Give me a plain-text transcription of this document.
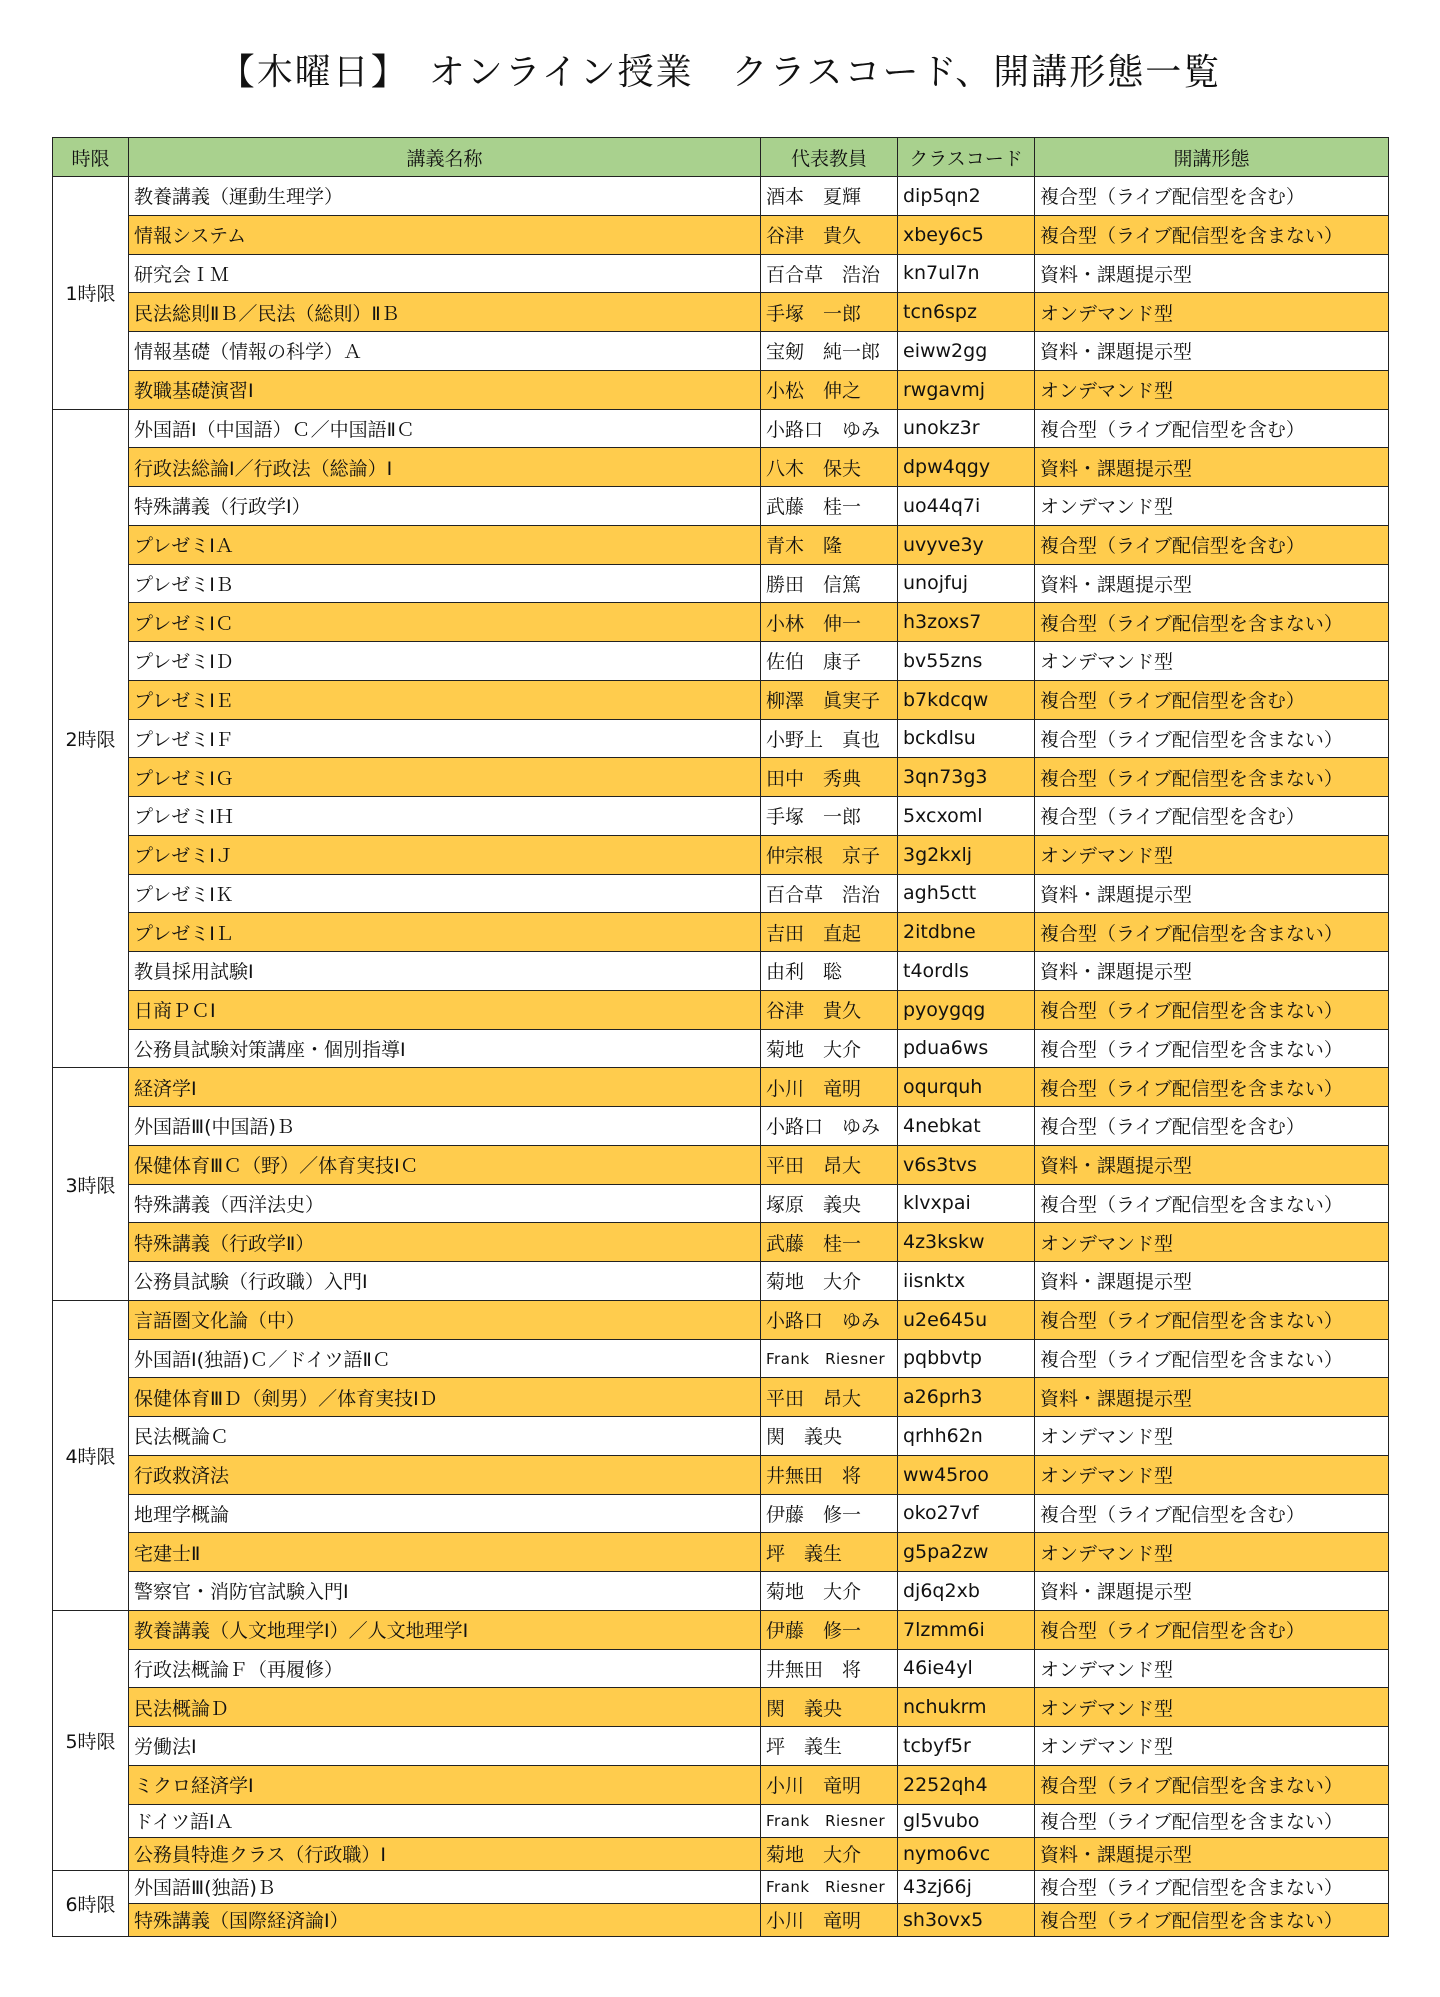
【木曜日】　オンライン授業　クラスコード、開講形態一覧
時限	講義名称	代表教員	クラスコード	開講形態
1時限	教養講義（運動生理学）	酒本　夏輝	dip5qn2	複合型（ライブ配信型を含む）
	情報システム	谷津　貴久	xbey6c5	複合型（ライブ配信型を含まない）
	研究会ＩＭ	百合草　浩治	kn7ul7n	資料・課題提示型
	民法総則ⅡＢ／民法（総則）ⅡＢ	手塚　一郎	tcn6spz	オンデマンド型
	情報基礎（情報の科学）Ａ	宝剱　純一郎	eiww2gg	資料・課題提示型
	教職基礎演習Ⅰ	小松　伸之	rwgavmj	オンデマンド型
2時限	外国語Ⅰ（中国語）Ｃ／中国語ⅡＣ	小路口　ゆみ	unokz3r	複合型（ライブ配信型を含む）
	行政法総論Ⅰ／行政法（総論）Ⅰ	八木　保夫	dpw4qgy	資料・課題提示型
	特殊講義（行政学Ⅰ）	武藤　桂一	uo44q7i	オンデマンド型
	プレゼミⅠＡ	青木　隆	uvyve3y	複合型（ライブ配信型を含む）
	プレゼミⅠＢ	勝田　信篤	unojfuj	資料・課題提示型
	プレゼミⅠＣ	小林　伸一	h3zoxs7	複合型（ライブ配信型を含まない）
	プレゼミⅠＤ	佐伯　康子	bv55zns	オンデマンド型
	プレゼミⅠＥ	柳澤　眞実子	b7kdcqw	複合型（ライブ配信型を含む）
	プレゼミⅠＦ	小野上　真也	bckdlsu	複合型（ライブ配信型を含まない）
	プレゼミⅠＧ	田中　秀典	3qn73g3	複合型（ライブ配信型を含まない）
	プレゼミⅠＨ	手塚　一郎	5xcxoml	複合型（ライブ配信型を含む）
	プレゼミⅠＪ	仲宗根　京子	3g2kxlj	オンデマンド型
	プレゼミⅠＫ	百合草　浩治	agh5ctt	資料・課題提示型
	プレゼミⅠＬ	吉田　直起	2itdbne	複合型（ライブ配信型を含まない）
	教員採用試験Ⅰ	由利　聡	t4ordls	資料・課題提示型
	日商ＰＣⅠ	谷津　貴久	pyoygqg	複合型（ライブ配信型を含まない）
	公務員試験対策講座・個別指導Ⅰ	菊地　大介	pdua6ws	複合型（ライブ配信型を含まない）
3時限	経済学Ⅰ	小川　竜明	oqurquh	複合型（ライブ配信型を含まない）
	外国語Ⅲ(中国語)Ｂ	小路口　ゆみ	4nebkat	複合型（ライブ配信型を含む）
	保健体育ⅢＣ（野）／体育実技ⅠＣ	平田　昂大	v6s3tvs	資料・課題提示型
	特殊講義（西洋法史）	塚原　義央	klvxpai	複合型（ライブ配信型を含まない）
	特殊講義（行政学Ⅱ）	武藤　桂一	4z3kskw	オンデマンド型
	公務員試験（行政職）入門Ⅰ	菊地　大介	iisnktx	資料・課題提示型
4時限	言語圏文化論（中）	小路口　ゆみ	u2e645u	複合型（ライブ配信型を含まない）
	外国語Ⅰ(独語)Ｃ／ドイツ語ⅡＣ	Frank　Riesner	pqbbvtp	複合型（ライブ配信型を含まない）
	保健体育ⅢＤ（剣男）／体育実技ⅠＤ	平田　昂大	a26prh3	資料・課題提示型
	民法概論Ｃ	関　義央	qrhh62n	オンデマンド型
	行政救済法	井無田　将	ww45roo	オンデマンド型
	地理学概論	伊藤　修一	oko27vf	複合型（ライブ配信型を含む）
	宅建士Ⅱ	坪　義生	g5pa2zw	オンデマンド型
	警察官・消防官試験入門Ⅰ	菊地　大介	dj6q2xb	資料・課題提示型
5時限	教養講義（人文地理学Ⅰ）／人文地理学Ⅰ	伊藤　修一	7lzmm6i	複合型（ライブ配信型を含む）
	行政法概論Ｆ（再履修）	井無田　将	46ie4yl	オンデマンド型
	民法概論Ｄ	関　義央	nchukrm	オンデマンド型
	労働法Ⅰ	坪　義生	tcbyf5r	オンデマンド型
	ミクロ経済学Ⅰ	小川　竜明	2252qh4	複合型（ライブ配信型を含まない）
	ドイツ語ⅠＡ	Frank　Riesner	gl5vubo	複合型（ライブ配信型を含まない）
	公務員特進クラス（行政職）Ⅰ	菊地　大介	nymo6vc	資料・課題提示型
6時限	外国語Ⅲ(独語)Ｂ	Frank　Riesner	43zj66j	複合型（ライブ配信型を含まない）
	特殊講義（国際経済論Ⅰ）	小川　竜明	sh3ovx5	複合型（ライブ配信型を含まない）
